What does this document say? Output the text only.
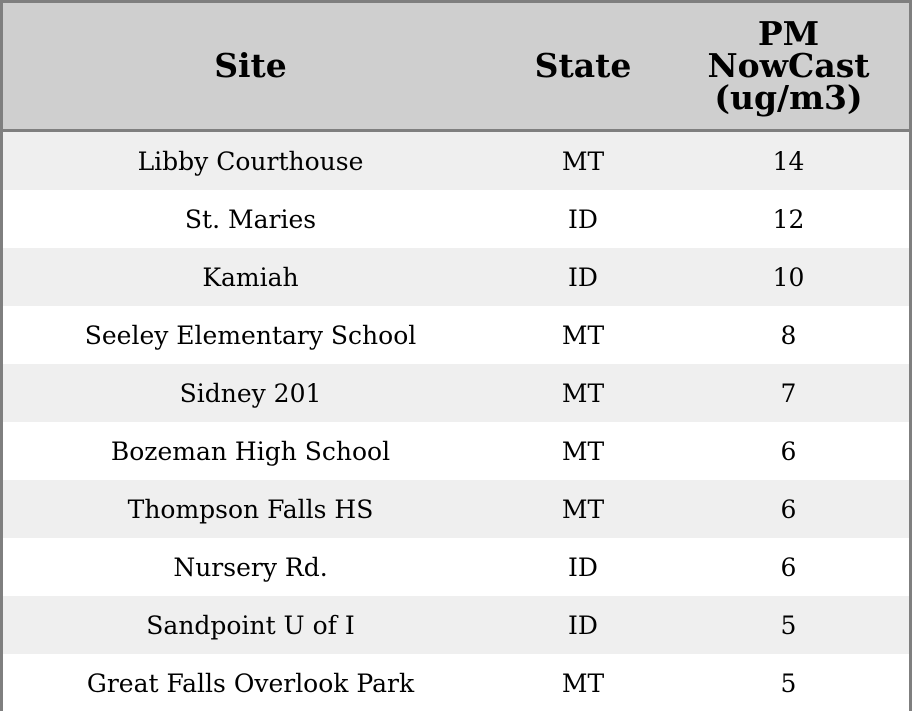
Site	State	PM
NowCast
(ug/m3)

Libby Courthouse	MT	14
St. Maries	ID	12
Kamiah	ID	10
Seeley Elementary School	MT	8
Sidney 201	MT	7
Bozeman High School	MT	6
Thompson Falls HS	MT	6
Nursery Rd.	ID	6
Sandpoint U of I	ID	5
Great Falls Overlook Park	MT	5
